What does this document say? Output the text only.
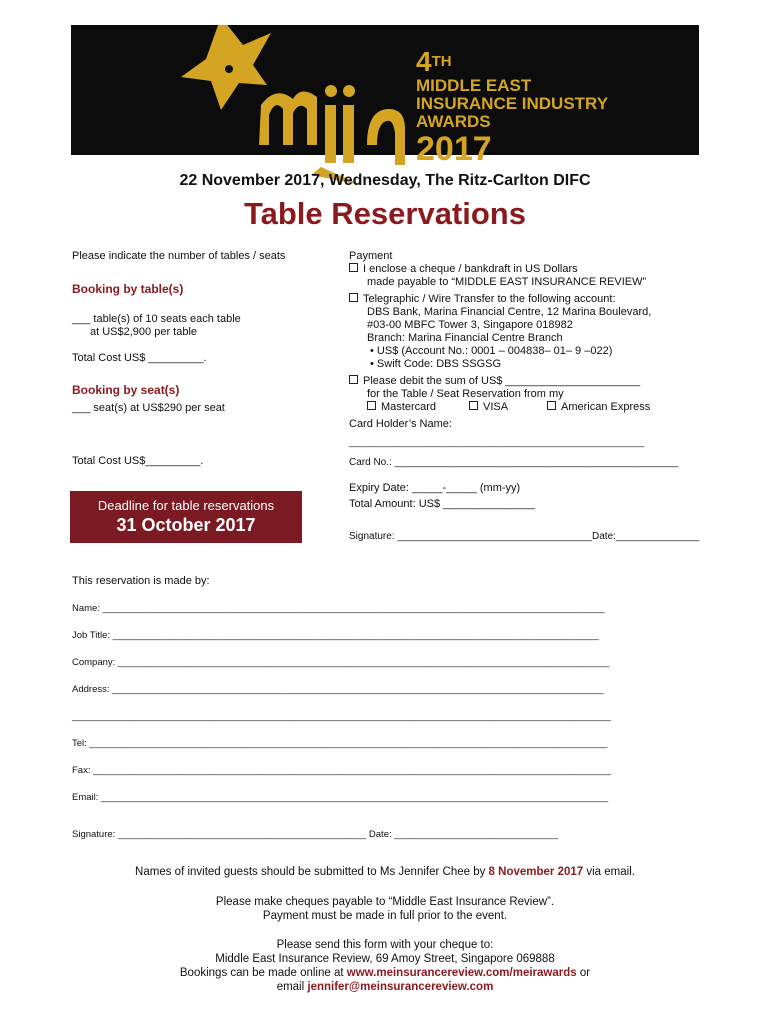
4TH
MIDDLE EAST
INSURANCE INDUSTRY
AWARDS
2017
22 November 2017, Wednesday, The Ritz-Carlton DIFC
Table Reservations
Please indicate the number of tables / seats
Booking by table(s)
___ table(s) of 10 seats each table
at US$2,900 per table
Total Cost US$ _________.
Booking by seat(s)
___ seat(s) at US$290 per seat
Total Cost US$_________.
Deadline for table reservations
31 October 2017
Payment
I enclose a cheque / bankdraft in US Dollars
made payable to “MIDDLE EAST INSURANCE REVIEW”
Telegraphic / Wire Transfer to the following account:
DBS Bank, Marina Financial Centre, 12 Marina Boulevard,
#03-00 MBFC Tower 3, Singapore 018982
Branch: Marina Financial Centre Branch
• US$ (Account No.: 0001 – 004838– 01– 9 –022)
• Swift Code: DBS SSGSG
Please debit the sum of US$ ______________________
for the Table / Seat Reservation from my
Mastercard	VISA	American Express
Card Holder’s Name:
___________________________________________________________
Card No.: ___________________________________________________
Expiry Date: _____-_____ (mm-yy)
Total Amount: US$ _______________
Signature: ___________________________________Date:_______________
This reservation is made by:
Name: _______________________________________________________________________________________________
Job Title: ____________________________________________________________________________________________
Company: _____________________________________________________________________________________________
Address: _____________________________________________________________________________________________
______________________________________________________________________________________________________
Tel: __________________________________________________________________________________________________
Fax: __________________________________________________________________________________________________
Email: ________________________________________________________________________________________________
Signature: _______________________________________________ Date: _______________________________
Names of invited guests should be submitted to Ms Jennifer Chee by 8 November 2017 via email.
Please make cheques payable to “Middle East Insurance Review”.
Payment must be made in full prior to the event.
Please send this form with your cheque to:
Middle East Insurance Review, 69 Amoy Street, Singapore 069888
Bookings can be made online at www.meinsurancereview.com/meirawards or
email jennifer@meinsurancereview.com
